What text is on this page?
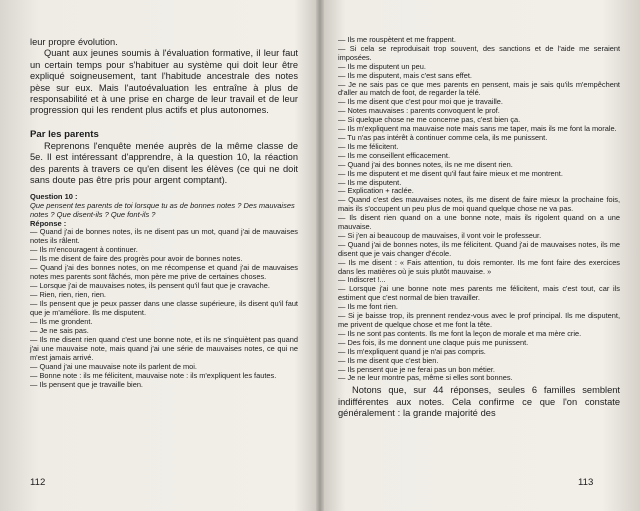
leur propre évolution.

Quant aux jeunes soumis à l'évaluation formative, il leur faut un certain temps pour s'habituer au système qui doit leur être expliqué soigneusement, tant l'habitude ancestrale des notes pèse sur eux. Mais l'autoévaluation les entraîne à plus de responsabilité et à une prise en charge de leur travail et de leur progression qui les rendent plus actifs et plus autonomes.

Par les parents

Reprenons l'enquête menée auprès de la même classe de 5e. Il est intéressant d'apprendre, à la question 10, la réaction des parents à travers ce qu'en disent les élèves (ce qui ne doit sans doute pas être pris pour argent comptant).

Question 10 :

Que pensent tes parents de toi lorsque tu as de bonnes notes ? Des mauvaises notes ? Que disent-ils ? Que font-ils ?

Réponse :

— Quand j'ai de bonnes notes, ils ne disent pas un mot, quand j'ai de mauvaises notes ils râlent.
— Ils m'encouragent à continuer.
— Ils me disent de faire des progrès pour avoir de bonnes notes.
— Quand j'ai des bonnes notes, on me récompense et quand j'ai de mauvaises notes mes parents sont fâchés, mon père me prive de certaines choses.
— Lorsque j'ai de mauvaises notes, ils pensent qu'il faut que je cravache.
— Rien, rien, rien, rien.
— Ils pensent que je peux passer dans une classe supérieure, ils disent qu'il faut que je m'améliore. Ils me disputent.
— Ils me grondent.
— Je ne sais pas.
— Ils me disent rien quand c'est une bonne note, et ils ne s'inquiètent pas quand j'ai une mauvaise note, mais quand j'ai une série de mauvaises notes, ce qui ne m'est jamais arrivé.
— Quand j'ai une mauvaise note ils parlent de moi.
— Bonne note : ils me félicitent, mauvaise note : ils m'expliquent les fautes.
— Ils pensent que je travaille bien.
112
— Ils me rouspètent et me frappent.
— Si cela se reproduisait trop souvent, des sanctions et de l'aide me seraient imposées.
— Ils me disputent un peu.
— Ils me disputent, mais c'est sans effet.
— Je ne sais pas ce que mes parents en pensent, mais je sais qu'ils m'empêchent d'aller au match de foot, de regarder la télé.
— Ils me disent que c'est pour moi que je travaille.
— Notes mauvaises : parents convoquent le prof.
— Si quelque chose ne me concerne pas, c'est bien ça.
— Ils m'expliquent ma mauvaise note mais sans me taper, mais ils me font la morale.
— Tu n'as pas intérêt à continuer comme cela, ils me punissent.
— Ils me félicitent.
— Ils me conseillent efficacement.
— Quand j'ai des bonnes notes, ils ne me disent rien.
— Ils me disputent et me disent qu'il faut faire mieux et me montrent.
— Ils me disputent.
— Explication + raclée.
— Quand c'est des mauvaises notes, ils me disent de faire mieux la prochaine fois, mais ils s'occupent un peu plus de moi quand quelque chose ne va pas.
— Ils disent rien quand on a une bonne note, mais ils rigolent quand on a une mauvaise.
— Si j'en ai beaucoup de mauvaises, il vont voir le professeur.
— Quand j'ai de bonnes notes, ils me félicitent. Quand j'ai de mauvaises notes, ils me disent que je vais changer d'école.
— Ils me disent : « Fais attention, tu dois remonter. Ils me font faire des exercices dans les matières où je suis plutôt mauvaise. »
— Indiscret !...
— Lorsque j'ai une bonne note mes parents me félicitent, mais c'est tout, car ils estiment que c'est normal de bien travailler.
— Ils me font rien.
— Si je baisse trop, ils prennent rendez-vous avec le prof principal. Ils me disputent, me privent de quelque chose et me font la tête.
— Ils ne sont pas contents. Ils me font la leçon de morale et ma mère crie.
— Des fois, ils me donnent une claque puis me punissent.
— Ils m'expliquent quand je n'ai pas compris.
— Ils me disent que c'est bien.
— Ils pensent que je ne ferai pas un bon métier.
— Je ne leur montre pas, même si elles sont bonnes.

Notons que, sur 44 réponses, seules 6 familles semblent indifférentes aux notes. Cela confirme ce que l'on constate généralement : la grande majorité des

113
